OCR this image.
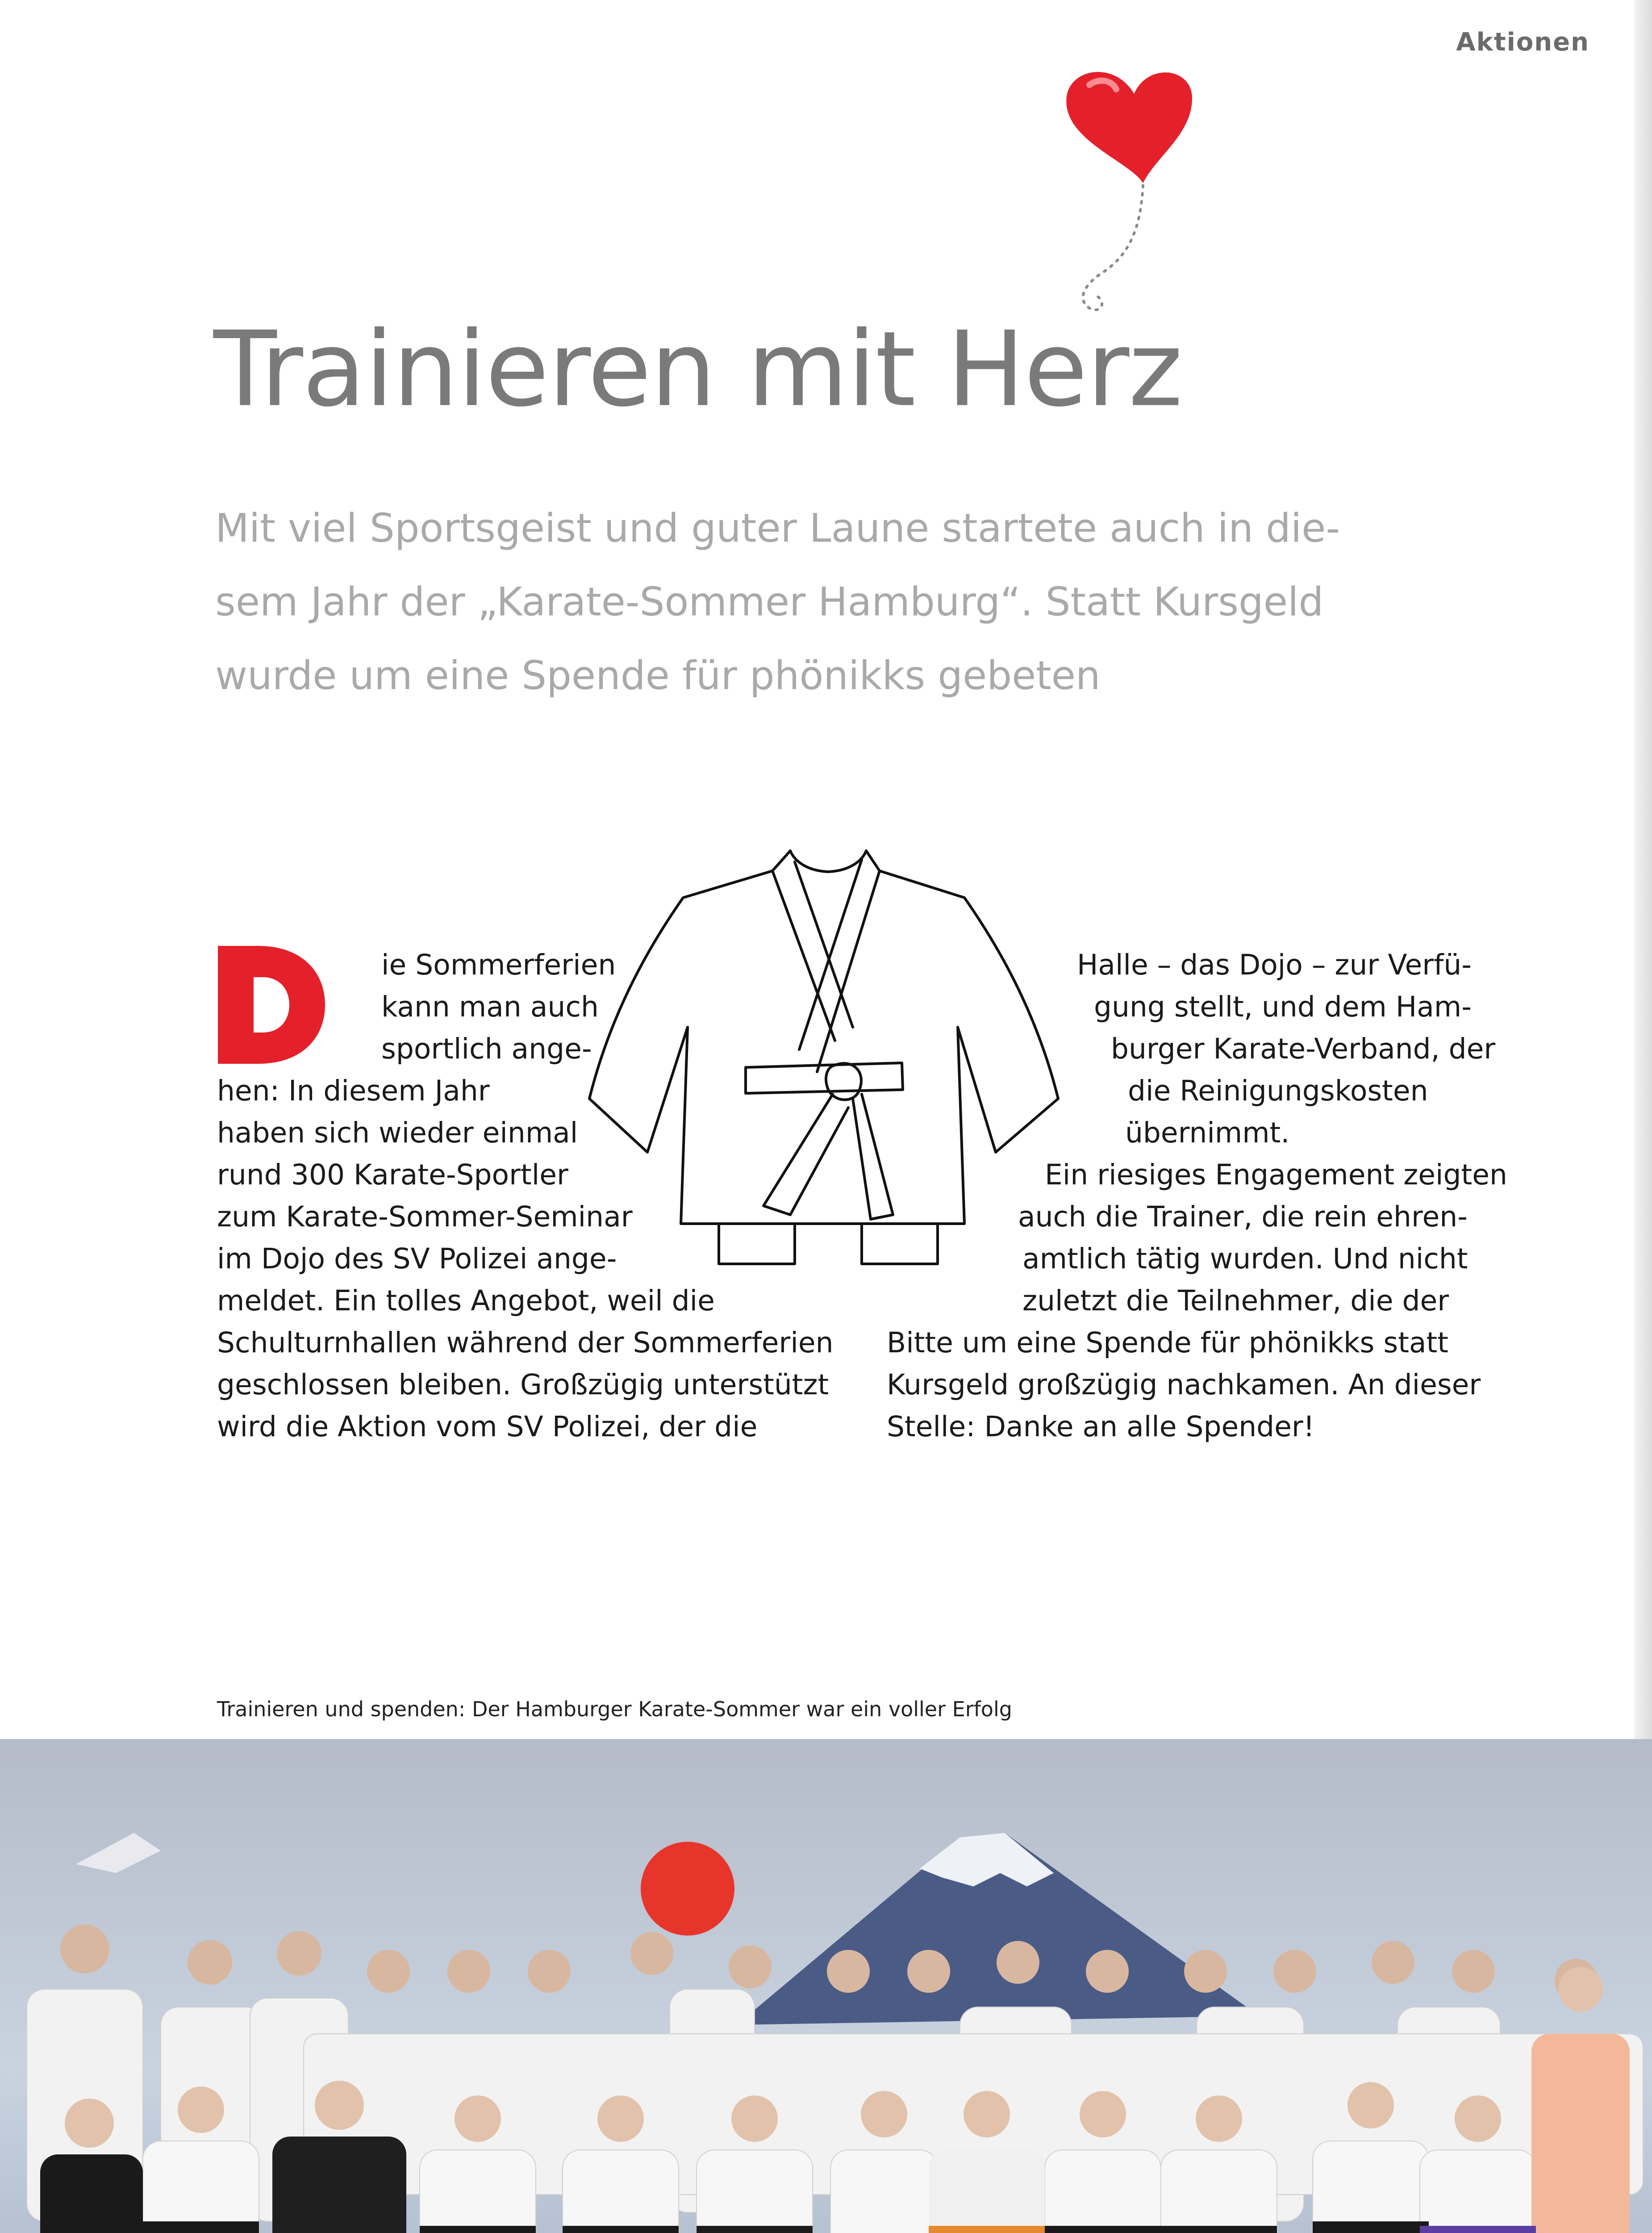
Aktionen
Trainieren mit Herz
Mit viel Sportsgeist und guter Laune startete auch in die-
sem Jahr der „Karate-Sommer Hamburg“. Statt Kursgeld
wurde um eine Spende für phönikks gebeten
ie Sommerferien
kann man auch
sportlich ange-
hen: In diesem Jahr
haben sich wieder einmal
rund 300 Karate-Sportler
zum Karate-Sommer-Seminar
im Dojo des SV Polizei ange-
meldet. Ein tolles Angebot, weil die
Schulturnhallen während der Sommerferien
geschlossen bleiben. Großzügig unterstützt
wird die Aktion vom SV Polizei, der die
Halle – das Dojo – zur Verfü-
gung stellt, und dem Ham-
burger Karate-Verband, der
die Reinigungskosten
übernimmt.
Ein riesiges Engagement zeigten
auch die Trainer, die rein ehren-
amtlich tätig wurden. Und nicht
zuletzt die Teilnehmer, die der
Bitte um eine Spende für phönikks statt
Kursgeld großzügig nachkamen. An dieser
Stelle: Danke an alle Spender!
Trainieren und spenden: Der Hamburger Karate-Sommer war ein voller Erfolg
